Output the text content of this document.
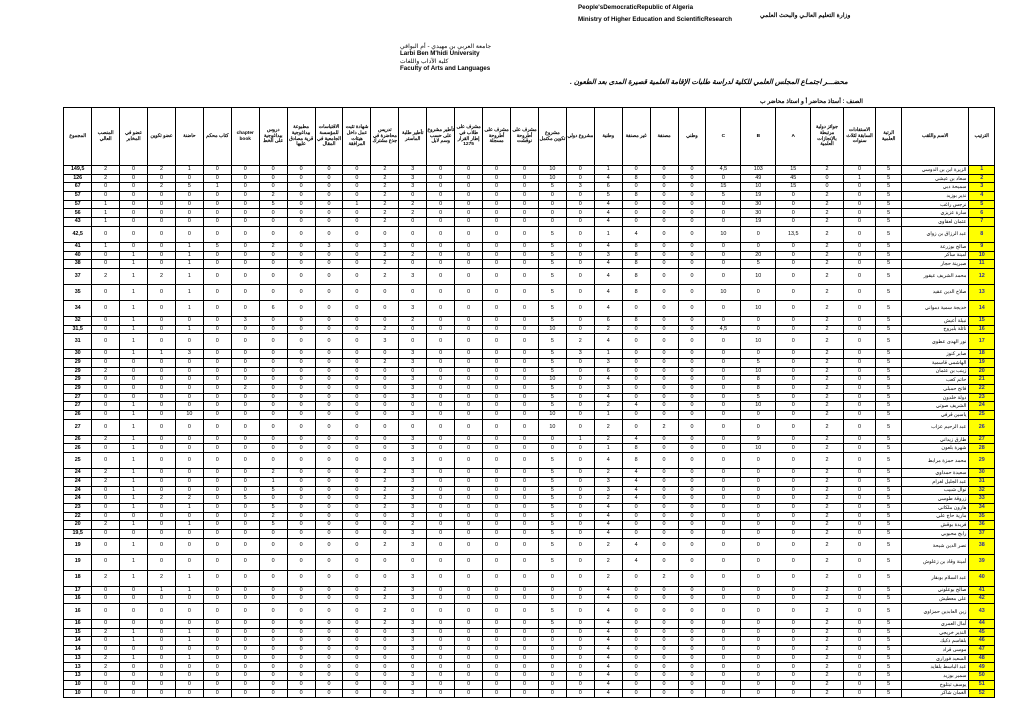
People'sDemocraticRepublic of Algeria
وزارة التعليم العالـي والبحث العلمي
Ministry of Higher Education and ScientificResearch
جامعة العربي بن مهيدي - أم البواقي
Larbi Ben M'hidi University
كلية الآداب واللغات
Faculty of Arts and Languages
محضـــر اجتمـاع المجلس العلمي للكلية لدراسة طلبات الإقامة العلمية قصيرة المدى بعد الطعون .
الصنف : أستاذ محاضر أ و استاذ محاضر ب
الترتيب	الاسم واللقب	الرتبة العلمية	الاستفادات السابقة لثلاث سنوات	جوائز دولية مرتبطة بالإنجازات العلمية	A	B	C	وطني	مصنفة	غير مصنفة	وطنية	مشروع دولي	مشروع تكوين مكتمل	مشرف على أطروحة نوقشت	مشرف على أطروحة مسجلة	مشرف على طلاب في إطار القرار 1275	تأطير مشروع على حسب وسم لابل	تأطير طلبة الماستر	تدريس محاضرة في جذع مشترك	شهادة تثبت عمل داخل هيئات المرافقة	الاقتباسات للمؤسسة الجامعية في المقال	مطبوعة بيداغوجية قرية مصادق عليها	دروس بيداغوجية على الخط	chapter book	كتاب محكم	حاضنة	عضو تكوين	عضو في المخابر	المنصب العالي	المجموع
1	الزيرة ابن بن الدوسي	5	0	2	15	103	4,5	0	0	0	1	0	10	0	0	0	0	3	2	0	0	0	0	0	0	1	2	0	2	149,5
2	سعاد بن عيشي	5	1	0	45	49	0	0	0	8	4	0	10	0	0	0	0	3	2	0	0	0	0	0	0	0	0	0	2	126
3	سميحة دبي	5	0	0	15	10	15	0	0	0	6	3	5	0	0	0	0	3	2	0	0	0	0	0	1	5	2	0	0	67
4	نذير بوزيد	5	0	2	0	19	5	0	0	8	5	0	0	0	0	0	0	0	2	0	0	0	2	0	0	0	0	0	0	57
5	نرجس راغب	5	0	2	0	30	0	0	0	0	4	0	0	0	0	0	0	2	2	1	0	0	5	0	0	0	0	0	1	57
6	سارة عزيزي	5	0	2	0	30	0	0	0	0	4	0	0	0	0	0	0	2	2	0	0	0	0	0	0	0	0	0	1	56
7	عثمان لعقاوي	5	0	2	0	19	0	0	0	0	4	0	0	0	0	0	0	0	2	0	0	0	0	0	0	0	0	0	1	43
8	عبد الرزاق بن زواي	5	0	2	13,5	0	10	0	0	4	1	0	5	0	0	0	0	0	0	0	0	0	0	0	0	0	0	0	0	42,5
9	صالح بوزرعة	5	0	2	0	0	0	0	0	8	4	0	5	0	0	0	0	0	3	0	3	0	2	0	5	1	0	0	1	41
10	أمينة ساكر	5	0	2	0	20	0	0	0	8	3	0	5	0	0	0	0	2	2	0	0	0	0	0	0	1	0	1	0	40
11	صبرينة حجار	5	0	2	0	5	0	0	0	8	4	0	5	0	0	0	0	0	2	0	0	0	0	0	0	1	0	1	0	38
12	محمد الشريف عيقور	5	0	2	0	10	0	0	0	8	4	0	5	0	0	0	0	3	2	0	0	0	0	0	0	1	2	1	2	37
13	صلاح الدين عقيد	5	0	2	0	0	10	0	0	8	4	0	5	0	0	0	0	0	0	0	0	0	0	0	0	1	0	1	0	35
14	خديجة سمية دمواني	5	0	2	0	10	0	0	0	0	4	0	5	0	0	0	0	3	0	0	0	0	6	0	0	1	0	1	0	34
15	نبيلة أعيش	5	0	2	0	0	0	0	0	8	6	0	5	0	0	0	0	2	0	0	0	0	0	3	0	0	0	1	0	32
16	نائلة بلبروح	5	0	2	0	0	4,5	0	0	0	2	0	10	0	0	0	0	0	2	0	0	0	0	0	0	1	0	1	0	31,5
17	نور الهدى عطوي	5	0	2	0	10	0	0	0	0	4	2	5	0	0	0	0	0	3	0	0	0	0	0	0	0	0	1	0	31
18	صابر كنوز	5	0	2	0	0	0	0	0	0	1	3	5	0	0	0	0	3	0	0	0	0	0	0	0	3	1	1	0	30
19	الهاشمي قاسمية	5	0	2	0	5	0	0	0	0	3	0	5	0	0	0	0	3	2	0	0	0	0	0	0	0	0	0	0	29
20	زينب بن عثمان	5	0	2	0	10	0	0	0	0	6	0	5	0	0	0	0	0	0	0	0	0	0	0	0	0	0	0	2	29
21	حاتم كعب	5	0	2	0	8	0	0	0	0	4	0	10	0	0	0	0	3	0	0	0	0	0	0	0	0	0	0	0	29
22	فاتح حمبلي	5	0	2	0	8	0	0	0	0	3	0	5	0	0	0	0	3	0	0	0	0	0	2	0	0	0	0	0	29
23	دولة خلدون	5	0	2	0	5	0	0	0	0	4	0	5	0	0	0	0	3	0	0	0	0	0	0	0	0	0	0	0	27
24	الشريف صوتي	5	0	2	0	10	0	0	0	4	2	0	5	0	0	0	0	0	0	0	0	0	0	0	0	0	0	1	0	27
25	ياسين قرفي	5	0	2	0	0	0	0	0	0	1	0	10	0	0	0	0	3	0	0	0	0	0	0	0	10	0	1	0	26
26	عبد الرحيم عزاب	5	0	2	0	0	0	0	2	0	2	0	10	0	0	0	0	0	0	0	0	0	0	0	0	0	0	1	0	27
27	طارق زيداني	5	0	2	0	9	0	0	0	4	2	1	0	0	0	0	0	3	0	0	0	0	0	0	0	0	0	1	2	26
28	شهرة بلعون	5	0	2	0	10	0	0	0	8	1	0	0	0	0	0	0	3	0	0	0	0	0	0	0	0	0	1	0	26
29	محمد حمزة مرابط	5	0	2	0	0	0	0	0	8	4	0	5	0	0	0	0	3	0	0	0	0	0	0	0	0	0	1	0	25
30	سعيدة حمداوي	5	0	2	0	0	0	0	0	4	2	0	5	0	0	0	0	3	2	0	0	0	2	0	0	0	0	1	2	24
31	عبد الجليل لغرام	5	0	2	0	0	0	0	0	4	3	0	5	0	0	0	0	3	2	0	0	0	1	0	0	0	0	1	2	24
32	نوال شبيب	5	0	2	0	0	0	0	0	4	3	0	5	0	0	0	0	2	2	0	0	0	5	0	0	0	0	1	0	24
33	زروقة طوسي	5	0	2	0	0	0	0	0	4	2	0	5	0	0	0	0	3	2	0	0	0	0	5	0	2	2	1	0	24
34	هارون ملكاني	5	0	2	0	0	0	0	0	0	4	0	5	0	0	0	0	3	2	0	0	0	5	0	0	1	0	1	0	23
35	مارية حاج علي	5	0	2	0	0	0	0	0	0	4	0	5	0	0	0	0	3	0	0	0	0	2	0	0	0	0	0	0	22
36	فريدة بوقش	5	0	2	0	0	0	0	0	0	4	0	5	0	0	0	0	2	0	0	0	0	5	0	0	1	0	1	2	20
37	رابح محبوبي	5	0	2	0	0	0	0	0	0	4	0	5	0	0	0	0	3	0	0	0	0	0	0	0	0	0	0	0	19,5
38	نصر الدين شيحة	5	0	2	0	0	0	0	0	4	2	0	5	0	0	0	0	3	2	0	0	0	0	0	0	0	0	1	0	19
39	أمينة وقاد بن زعلوش	5	0	2	0	0	0	0	0	4	2	0	5	0	0	0	0	0	0	0	0	0	0	0	0	0	0	1	0	19
40	عبد السلام بوبقار	5	0	2	0	0	0	0	2	0	2	0	0	0	0	0	0	3	0	0	0	0	0	0	0	1	2	1	2	18
41	صالح بوعلوني	5	0	2	0	0	0	0	0	0	4	0	0	0	0	0	0	3	2	0	0	0	0	0	0	1	1	0	0	17
42	علي معطيش	5	0	2	0	0	0	0	0	0	4	0	0	0	0	0	0	3	2	0	0	0	0	0	0	0	0	0	0	16
43	زين العابدين حمزاوي	5	0	2	0	0	0	0	0	0	4	0	5	0	0	0	0	0	2	0	0	0	0	0	0	0	0	0	0	16
44	أمال العمري	5	0	2	0	0	0	0	0	0	4	0	5	0	0	0	0	3	2	0	0	0	0	0	0	0	0	0	0	16
45	النذير خريجي	5	0	2	0	0	0	0	0	0	4	0	0	0	0	0	0	3	0	0	0	0	0	0	0	1	0	1	2	15
46	بلقاسم ذكيك	5	0	2	0	0	0	0	0	0	4	0	0	0	0	0	0	3	0	0	0	0	0	0	0	1	0	1	0	14
47	موسى قراد	5	0	2	0	0	0	0	0	0	4	0	0	0	0	0	0	3	0	0	0	0	0	0	0	0	0	0	0	14
48	السعيد فوراري	5	0	2	0	0	0	0	0	0	4	0	0	0	0	0	0	0	0	0	0	0	0	0	0	1	0	1	2	13
49	عبد الباسط بلقايد	5	0	2	0	0	0	0	0	0	4	0	0	0	0	0	0	0	0	0	0	0	0	0	0	0	0	0	2	13
50	سمير بوزيد	5	0	2	0	0	0	0	0	0	4	0	0	0	0	0	0	3	0	0	0	0	0	0	0	0	0	0	0	13
51	يوسف تبتلوح	5	0	2	0	0	0	0	0	0	4	0	0	0	0	0	0	3	0	0	0	0	0	0	0	0	0	0	0	10
52	الغمان شاكر	5	0	2	0	0	0	0	0	0	4	0	0	0	0	0	0	3	0	0	0	0	0	0	0	0	0	0	0	10
